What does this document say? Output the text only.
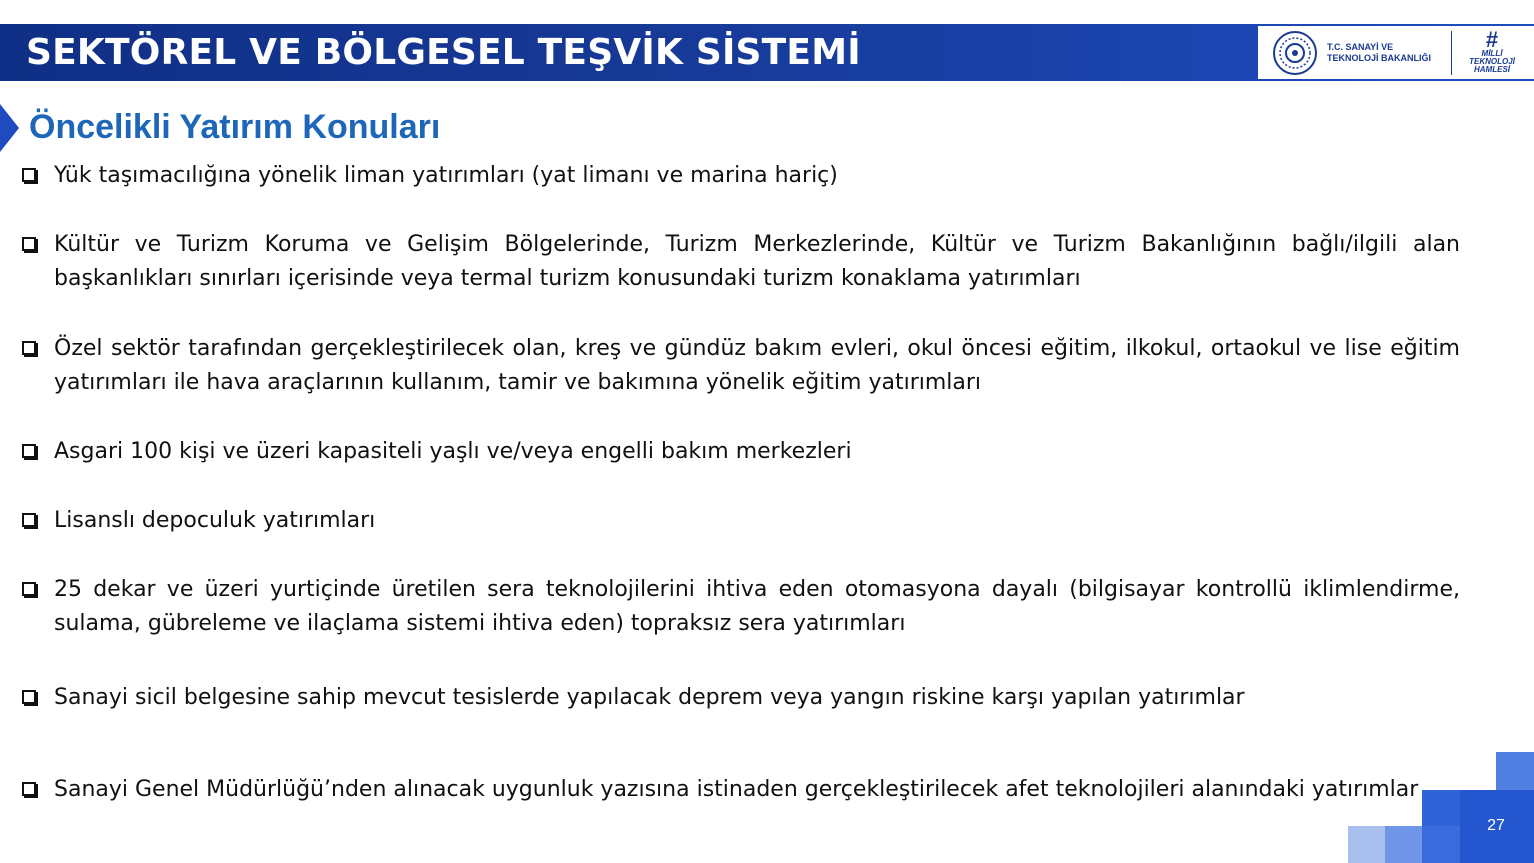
SEKTÖREL VE BÖLGESEL TEŞVİK SİSTEMİ	T.C. SANAYİ VE
TEKNOLOJİ BAKANLIĞI
#
MİLLİ
TEKNOLOJİ
HAMLESİ
Öncelikli Yatırım Konuları
Yük taşımacılığına yönelik liman yatırımları (yat limanı ve marina hariç)
Kültür ve Turizm Koruma ve Gelişim Bölgelerinde, Turizm Merkezlerinde, Kültür ve Turizm Bakanlığının bağlı/ilgili alan başkanlıkları sınırları içerisinde veya termal turizm konusundaki turizm konaklama yatırımları
Özel sektör tarafından gerçekleştirilecek olan, kreş ve gündüz bakım evleri, okul öncesi eğitim, ilkokul, ortaokul ve lise eğitim yatırımları ile hava araçlarının kullanım, tamir ve bakımına yönelik eğitim yatırımları
Asgari 100 kişi ve üzeri kapasiteli yaşlı ve/veya engelli bakım merkezleri
Lisanslı depoculuk yatırımları
25 dekar ve üzeri yurtiçinde üretilen sera teknolojilerini ihtiva eden otomasyona dayalı (bilgisayar kontrollü iklimlendirme, sulama, gübreleme ve ilaçlama sistemi ihtiva eden) topraksız sera yatırımları
Sanayi sicil belgesine sahip mevcut tesislerde yapılacak deprem veya yangın riskine karşı yapılan yatırımlar
Sanayi Genel Müdürlüğü’nden alınacak uygunluk yazısına istinaden gerçekleştirilecek afet teknolojileri alanındaki yatırımlar
27
